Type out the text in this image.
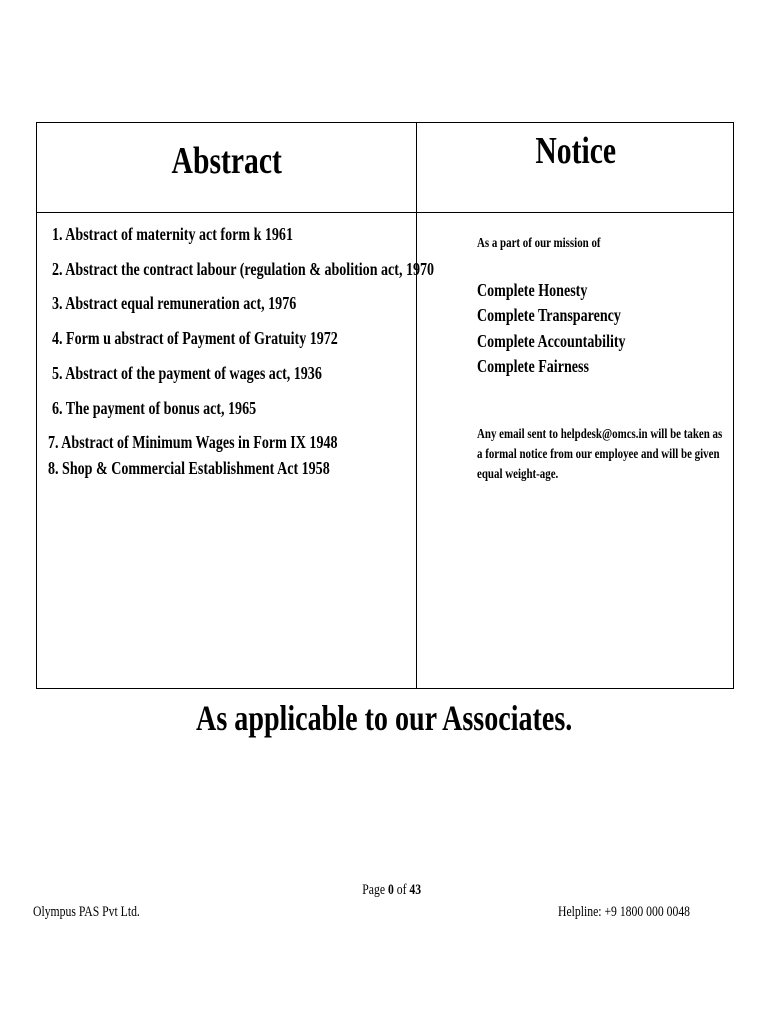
Abstract	Notice
1. Abstract of maternity act form k 1961
2. Abstract the contract labour (regulation & abolition act, 1970
3. Abstract equal remuneration act, 1976
4. Form u abstract of Payment of Gratuity 1972
5. Abstract of the payment of wages act, 1936
6. The payment of bonus act, 1965
7. Abstract of Minimum Wages in Form IX 1948
8. Shop & Commercial Establishment Act 1958
As a part of our mission of
Complete Honesty
Complete Transparency
Complete Accountability
Complete Fairness
Any email sent to helpdesk@omcs.in will be taken as
a formal notice from our employee and will be given
equal weight-age.
As applicable to our Associates.
Page 0 of 43
Olympus PAS Pvt Ltd.	Helpline: +9 1800 000 0048
